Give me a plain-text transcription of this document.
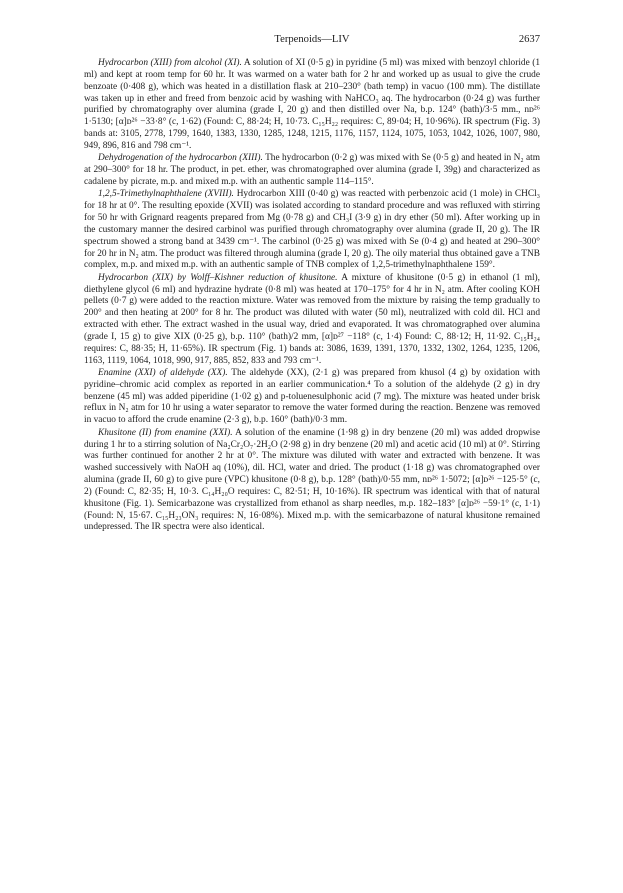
Terpenoids—LIV	2637

Hydrocarbon (XIII) from alcohol (XI). A solution of XI (0·5 g) in pyridine (5 ml) was mixed with benzoyl chloride (1 ml) and kept at room temp for 60 hr. It was warmed on a water bath for 2 hr and worked up as usual to give the crude benzoate (0·408 g), which was heated in a distillation flask at 210–230° (bath temp) in vacuo (100 mm). The distillate was taken up in ether and freed from benzoic acid by washing with NaHCO₃ aq. The hydrocarbon (0·24 g) was further purified by chromatography over alumina (grade I, 20 g) and then distilled over Na, b.p. 124° (bath)/3·5 mm., nᴅ²⁶ 1·5130; [α]ᴅ²⁶ −33·8° (c, 1·62) (Found: C, 88·24; H, 10·73. C₁₅H₂₂ requires: C, 89·04; H, 10·96%). IR spectrum (Fig. 3) bands at: 3105, 2778, 1799, 1640, 1383, 1330, 1285, 1248, 1215, 1176, 1157, 1124, 1075, 1053, 1042, 1026, 1007, 980, 949, 896, 816 and 798 cm⁻¹.

Dehydrogenation of the hydrocarbon (XIII). The hydrocarbon (0·2 g) was mixed with Se (0·5 g) and heated in N₂ atm at 290–300° for 18 hr. The product, in pet. ether, was chromatographed over alumina (grade I, 39g) and characterized as cadalene by picrate, m.p. and mixed m.p. with an authentic sample 114–115°.

1,2,5-Trimethylnaphthalene (XVIII). Hydrocarbon XIII (0·40 g) was reacted with perbenzoic acid (1 mole) in CHCl₃ for 18 hr at 0°. The resulting epoxide (XVII) was isolated according to standard procedure and was refluxed with stirring for 50 hr with Grignard reagents prepared from Mg (0·78 g) and CH₃I (3·9 g) in dry ether (50 ml). After working up in the customary manner the desired carbinol was purified through chromatography over alumina (grade II, 20 g). The IR spectrum showed a strong band at 3439 cm⁻¹. The carbinol (0·25 g) was mixed with Se (0·4 g) and heated at 290–300° for 20 hr in N₂ atm. The product was filtered through alumina (grade I, 20 g). The oily material thus obtained gave a TNB complex, m.p. and mixed m.p. with an authentic sample of TNB complex of 1,2,5-trimethylnaphthalene 159°.

Hydrocarbon (XIX) by Wolff–Kishner reduction of khusitone. A mixture of khusitone (0·5 g) in ethanol (1 ml), diethylene glycol (6 ml) and hydrazine hydrate (0·8 ml) was heated at 170–175° for 4 hr in N₂ atm. After cooling KOH pellets (0·7 g) were added to the reaction mixture. Water was removed from the mixture by raising the temp gradually to 200° and then heating at 200° for 8 hr. The product was diluted with water (50 ml), neutralized with cold dil. HCl and extracted with ether. The extract washed in the usual way, dried and evaporated. It was chromatographed over alumina (grade I, 15 g) to give XIX (0·25 g), b.p. 110° (bath)/2 mm, [α]ᴅ²⁷ −118° (c, 1·4) Found: C, 88·12; H, 11·92. C₁₅H₂₄ requires: C, 88·35; H, 11·65%). IR spectrum (Fig. 1) bands at: 3086, 1639, 1391, 1370, 1332, 1302, 1264, 1235, 1206, 1163, 1119, 1064, 1018, 990, 917, 885, 852, 833 and 793 cm⁻¹.

Enamine (XXI) of aldehyde (XX). The aldehyde (XX), (2·1 g) was prepared from khusol (4 g) by oxidation with pyridine–chromic acid complex as reported in an earlier communication.⁴ To a solution of the aldehyde (2 g) in dry benzene (45 ml) was added piperidine (1·02 g) and p-toluenesulphonic acid (7 mg). The mixture was heated under brisk reflux in N₂ atm for 10 hr using a water separator to remove the water formed during the reaction. Benzene was removed in vacuo to afford the crude enamine (2·3 g), b.p. 160° (bath)/0·3 mm.

Khusitone (II) from enamine (XXI). A solution of the enamine (1·98 g) in dry benzene (20 ml) was added dropwise during 1 hr to a stirring solution of Na₂Cr₂O₇·2H₂O (2·98 g) in dry benzene (20 ml) and acetic acid (10 ml) at 0°. Stirring was further continued for another 2 hr at 0°. The mixture was diluted with water and extracted with benzene. It was washed successively with NaOH aq (10%), dil. HCl, water and dried. The product (1·18 g) was chromatographed over alumina (grade II, 60 g) to give pure (VPC) khusitone (0·8 g), b.p. 128° (bath)/0·55 mm, nᴅ²⁶ 1·5072; [α]ᴅ²⁶ −125·5° (c, 2) (Found: C, 82·35; H, 10·3. C₁₄H₂₀O requires: C, 82·51; H, 10·16%). IR spectrum was identical with that of natural khusitone (Fig. 1). Semicarbazone was crystallized from ethanol as sharp needles, m.p. 182–183° [α]ᴅ²⁶ −59·1° (c, 1·1) (Found: N, 15·67. C₁₅H₂₃ON₃ requires: N, 16·08%). Mixed m.p. with the semicarbazone of natural khusitone remained undepressed. The IR spectra were also identical.
